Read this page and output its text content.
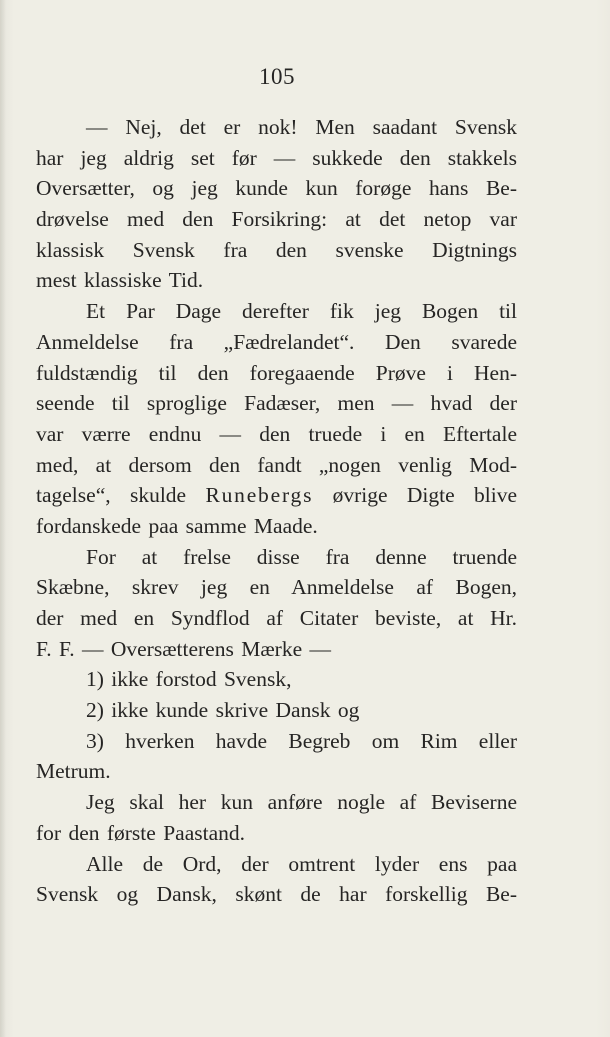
105
— Nej, det er nok! Men saadant Svensk
har jeg aldrig set før — sukkede den stakkels
Oversætter, og jeg kunde kun forøge hans Be-
drøvelse med den Forsikring: at det netop var
klassisk Svensk fra den svenske Digtnings
mest klassiske Tid.
Et Par Dage derefter fik jeg Bogen til
Anmeldelse fra „Fædrelandet“. Den svarede
fuldstændig til den foregaaende Prøve i Hen-
seende til sproglige Fadæser, men — hvad der
var værre endnu — den truede i en Eftertale
med, at dersom den fandt „nogen venlig Mod-
tagelse“, skulde Runebergs øvrige Digte blive
fordanskede paa samme Maade.
For at frelse disse fra denne truende
Skæbne, skrev jeg en Anmeldelse af Bogen,
der med en Syndflod af Citater beviste, at Hr.
F. F. — Oversætterens Mærke —
1) ikke forstod Svensk,
2) ikke kunde skrive Dansk og
3) hverken havde Begreb om Rim eller
Metrum.
Jeg skal her kun anføre nogle af Beviserne
for den første Paastand.
Alle de Ord, der omtrent lyder ens paa
Svensk og Dansk, skønt de har forskellig Be-
